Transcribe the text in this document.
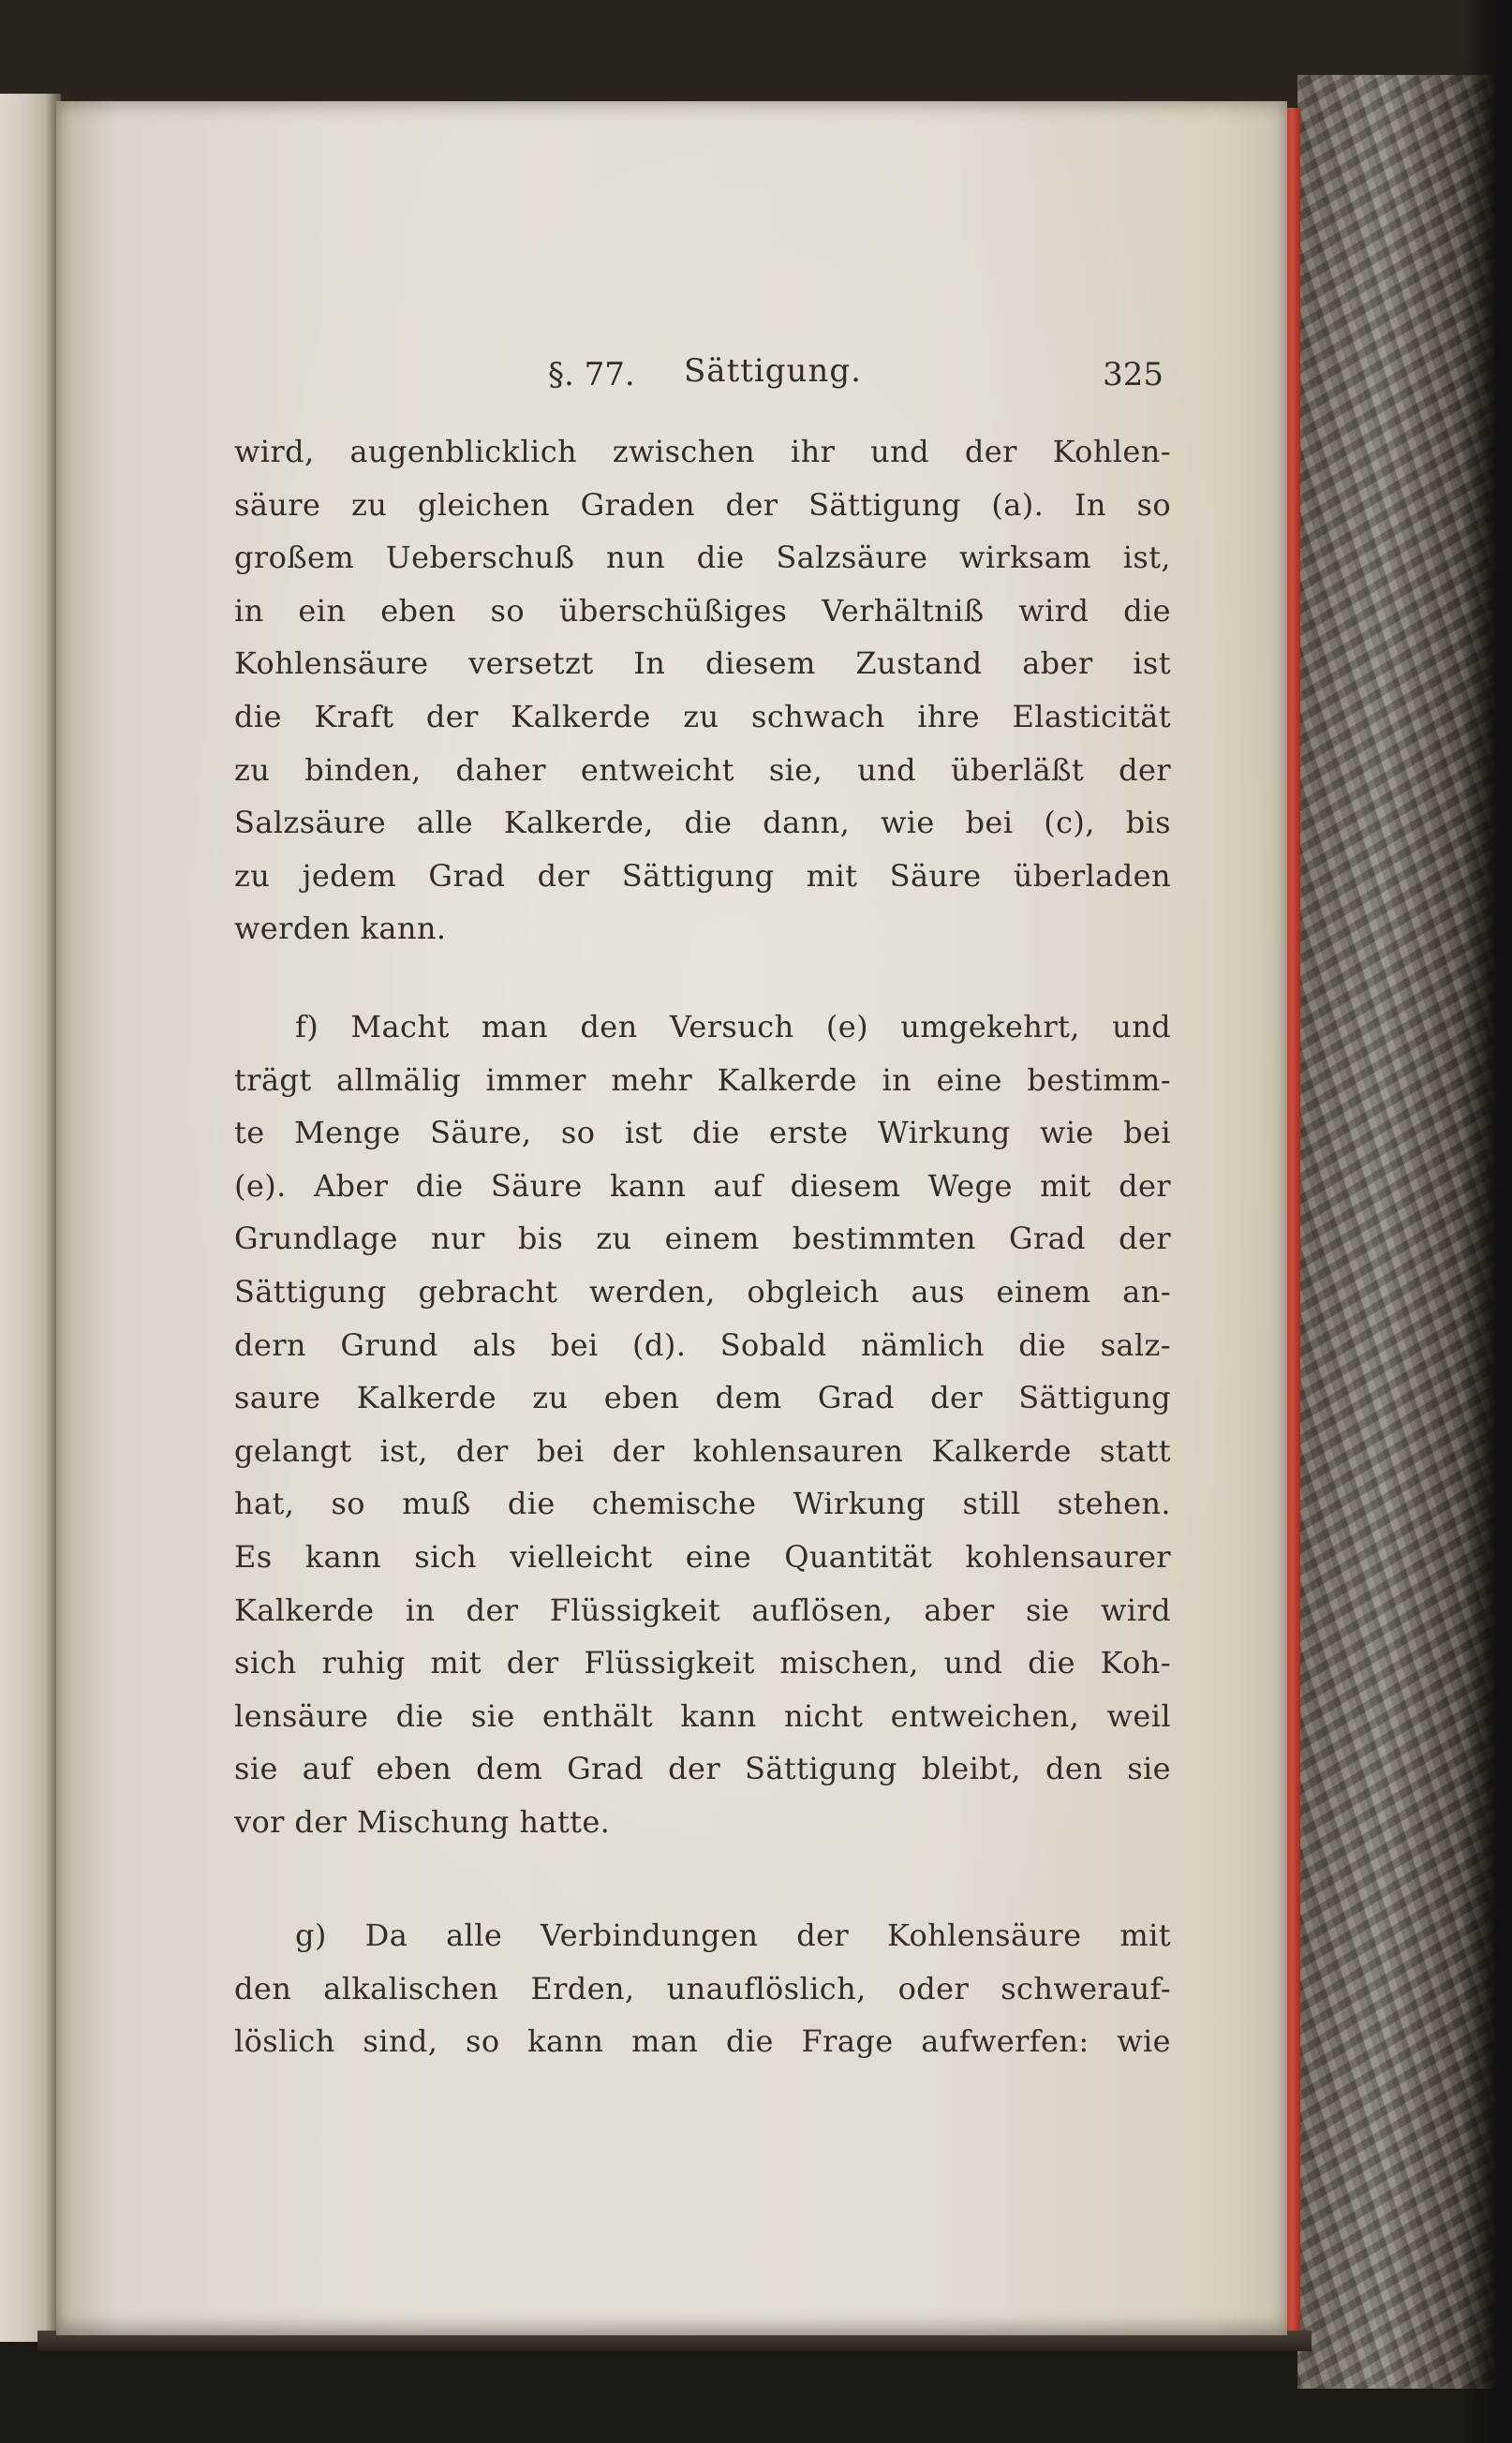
§. 77. Sättigung.	325
wird, augenblicklich zwischen ihr und der Kohlen-
säure zu gleichen Graden der Sättigung (a). In so
großem Ueberschuß nun die Salzsäure wirksam ist,
in ein eben so überschüßiges Verhältniß wird die
Kohlensäure versetzt In diesem Zustand aber ist
die Kraft der Kalkerde zu schwach ihre Elasticität
zu binden, daher entweicht sie, und überläßt der
Salzsäure alle Kalkerde, die dann, wie bei (c), bis
zu jedem Grad der Sättigung mit Säure überladen
werden kann.
f) Macht man den Versuch (e) umgekehrt, und
trägt allmälig immer mehr Kalkerde in eine bestimm-
te Menge Säure, so ist die erste Wirkung wie bei
(e). Aber die Säure kann auf diesem Wege mit der
Grundlage nur bis zu einem bestimmten Grad der
Sättigung gebracht werden, obgleich aus einem an-
dern Grund als bei (d). Sobald nämlich die salz-
saure Kalkerde zu eben dem Grad der Sättigung
gelangt ist, der bei der kohlensauren Kalkerde statt
hat, so muß die chemische Wirkung still stehen.
Es kann sich vielleicht eine Quantität kohlensaurer
Kalkerde in der Flüssigkeit auflösen, aber sie wird
sich ruhig mit der Flüssigkeit mischen, und die Koh-
lensäure die sie enthält kann nicht entweichen, weil
sie auf eben dem Grad der Sättigung bleibt, den sie
vor der Mischung hatte.
g) Da alle Verbindungen der Kohlensäure mit
den alkalischen Erden, unauflöslich, oder schwerauf-
löslich sind, so kann man die Frage aufwerfen: wie
